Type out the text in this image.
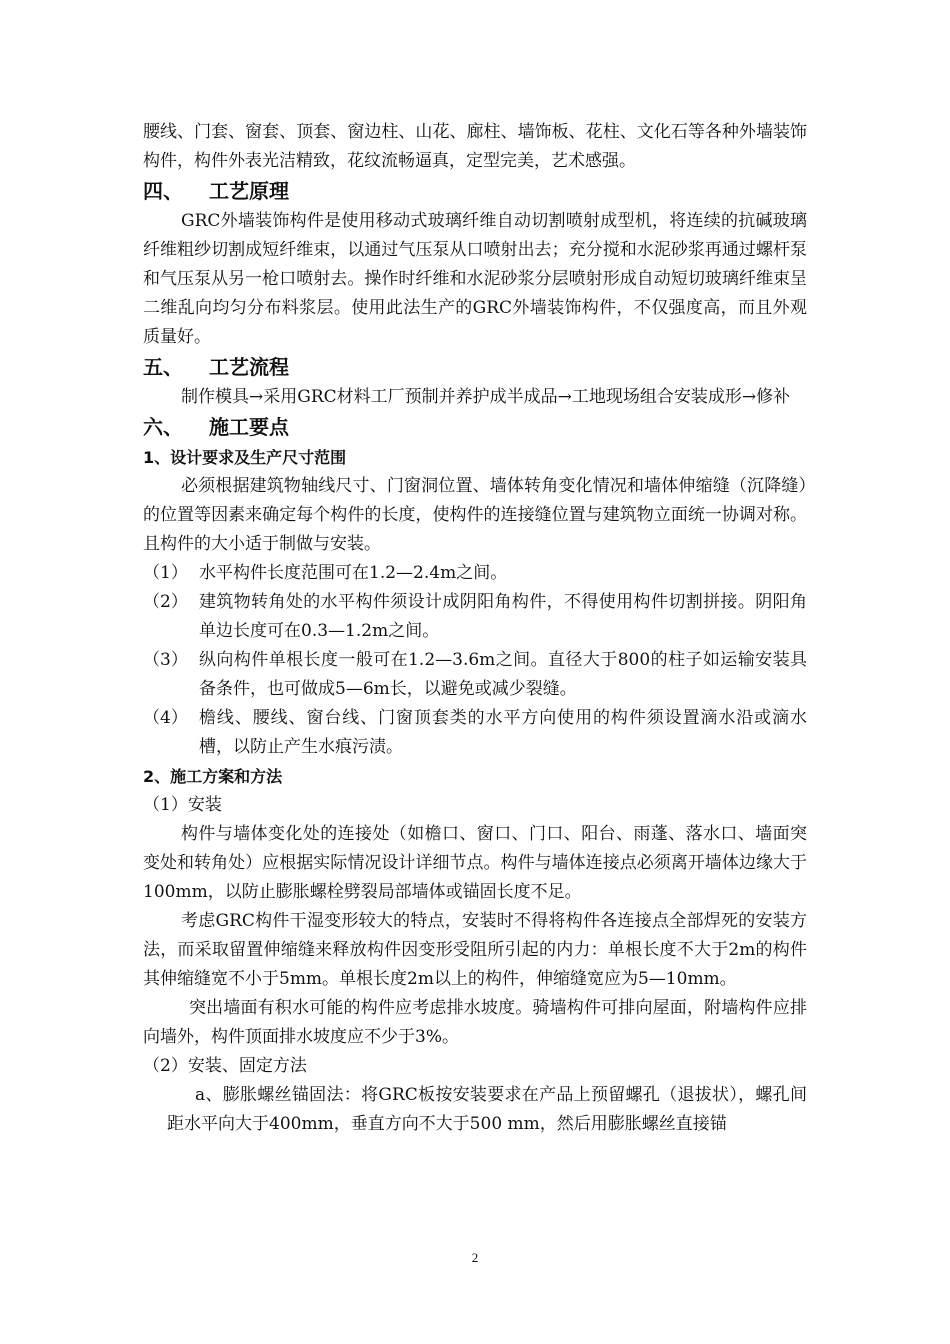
腰线、门套、窗套、顶套、窗边柱、山花、廊柱、墙饰板、花柱、文化石等各种外墙装饰构件，构件外表光洁精致，花纹流畅逼真，定型完美，艺术感强。

四、 工艺原理

GRC外墙装饰构件是使用移动式玻璃纤维自动切割喷射成型机，将连续的抗碱玻璃纤维粗纱切割成短纤维束，以通过气压泵从口喷射出去；充分搅和水泥砂浆再通过螺杆泵和气压泵从另一枪口喷射去。操作时纤维和水泥砂浆分层喷射形成自动短切玻璃纤维束呈二维乱向均匀分布料浆层。使用此法生产的GRC外墙装饰构件，不仅强度高，而且外观质量好。

五、 工艺流程

制作模具→采用GRC材料工厂预制并养护成半成品→工地现场组合安装成形→修补

六、 施工要点
1、设计要求及生产尺寸范围

必须根据建筑物轴线尺寸、门窗洞位置、墙体转角变化情况和墙体伸缩缝（沉降缝）的位置等因素来确定每个构件的长度，使构件的连接缝位置与建筑物立面统一协调对称。且构件的大小适于制做与安装。

（1） 水平构件长度范围可在1.2—2.4m之间。
（2） 建筑物转角处的水平构件须设计成阴阳角构件，不得使用构件切割拼接。阴阳角单边长度可在0.3—1.2m之间。
（3） 纵向构件单根长度一般可在1.2—3.6m之间。直径大于800的柱子如运输安装具备条件，也可做成5—6m长，以避免或减少裂缝。
（4） 檐线、腰线、窗台线、门窗顶套类的水平方向使用的构件须设置滴水沿或滴水槽，以防止产生水痕污渍。
2、施工方案和方法
（1）安装

构件与墙体变化处的连接处（如檐口、窗口、门口、阳台、雨蓬、落水口、墙面突变处和转角处）应根据实际情况设计详细节点。构件与墙体连接点必须离开墙体边缘大于100mm，以防止膨胀螺栓劈裂局部墙体或锚固长度不足。

考虑GRC构件干湿变形较大的特点，安装时不得将构件各连接点全部焊死的安装方法，而采取留置伸缩缝来释放构件因变形受阻所引起的内力：单根长度不大于2m的构件其伸缩缝宽不小于5mm。单根长度2m以上的构件，伸缩缝宽应为5—10mm。

突出墙面有积水可能的构件应考虑排水坡度。骑墙构件可排向屋面，附墙构件应排向墙外，构件顶面排水坡度应不少于3%。

（2）安装、固定方法

a、膨胀螺丝锚固法：将GRC板按安装要求在产品上预留螺孔（退拔状），螺孔间距水平向大于400mm，垂直方向不大于500 mm，然后用膨胀螺丝直接锚

2
